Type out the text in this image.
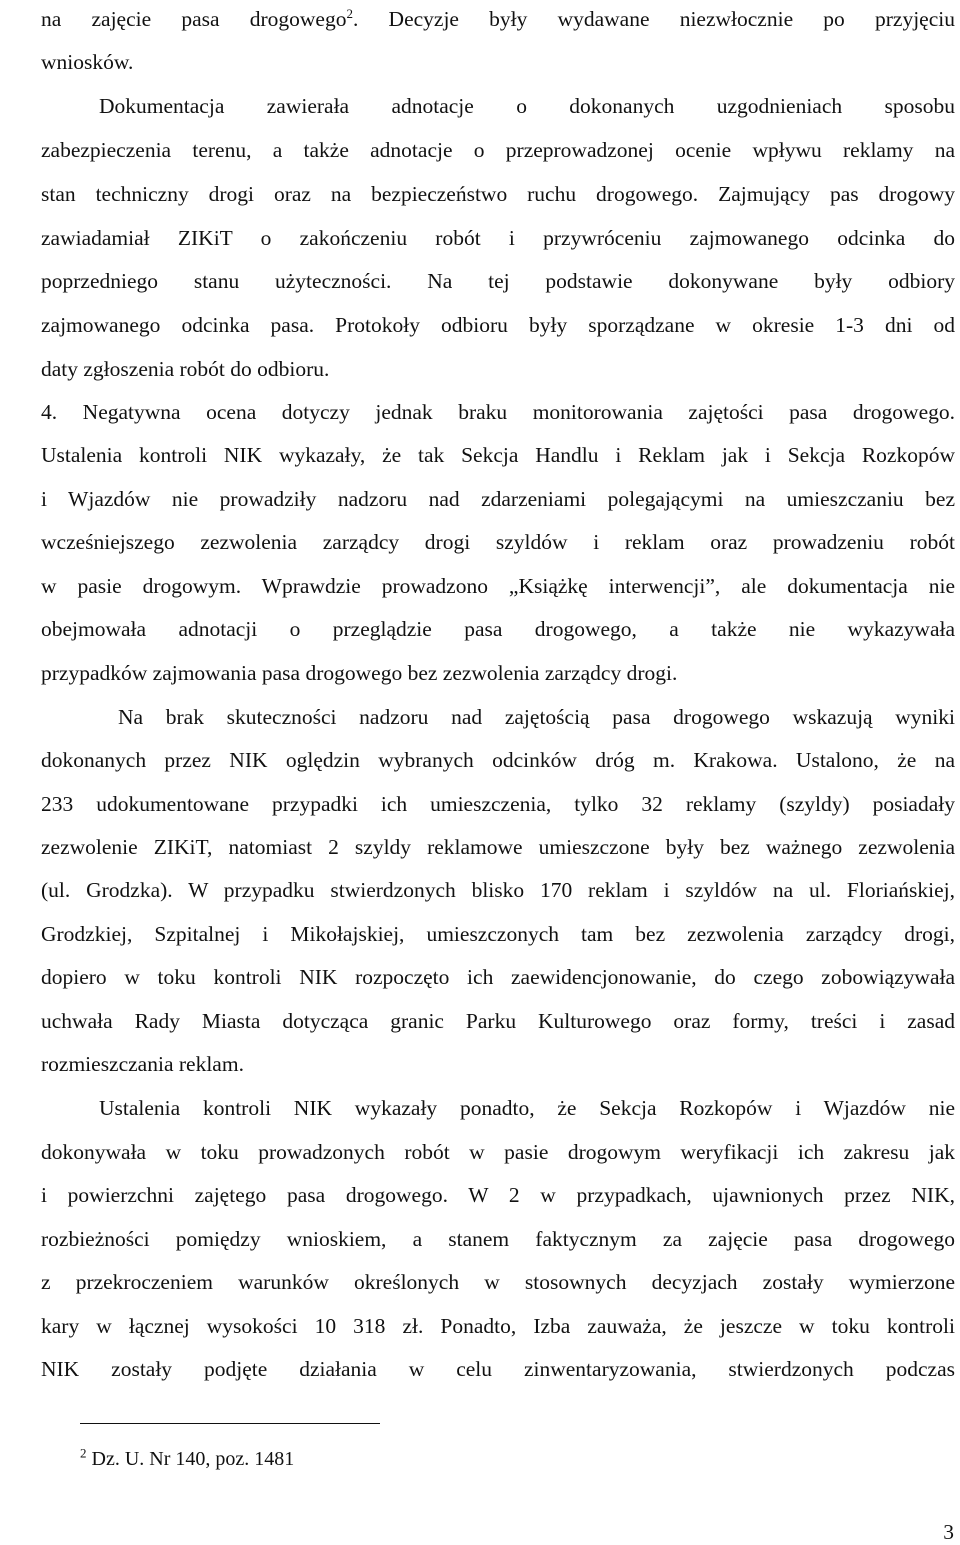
na zajęcie pasa drogowego$^2$. Decyzje były wydawane niezwłocznie po przyjęciu
wniosków.
Dokumentacja zawierała adnotacje o dokonanych uzgodnieniach sposobu
zabezpieczenia terenu, a także adnotacje o przeprowadzonej ocenie wpływu reklamy na
stan techniczny drogi oraz na bezpieczeństwo ruchu drogowego. Zajmujący pas drogowy
zawiadamiał ZIKiT o zakończeniu robót i przywróceniu zajmowanego odcinka do
poprzedniego stanu użyteczności. Na tej podstawie dokonywane były odbiory
zajmowanego odcinka pasa. Protokoły odbioru były sporządzane w okresie 1-3 dni od
daty zgłoszenia robót do odbioru.
4. Negatywna ocena dotyczy jednak braku monitorowania zajętości pasa drogowego.
Ustalenia kontroli NIK wykazały, że tak Sekcja Handlu i Reklam jak i Sekcja Rozkopów
i Wjazdów nie prowadziły nadzoru nad zdarzeniami polegającymi na umieszczaniu bez
wcześniejszego zezwolenia zarządcy drogi szyldów i reklam oraz prowadzeniu robót
w pasie drogowym. Wprawdzie prowadzono „Książkę interwencji”, ale dokumentacja nie
obejmowała adnotacji o przeglądzie pasa drogowego, a także nie wykazywała
przypadków zajmowania pasa drogowego bez zezwolenia zarządcy drogi.
Na brak skuteczności nadzoru nad zajętością pasa drogowego wskazują wyniki
dokonanych przez NIK oględzin wybranych odcinków dróg m. Krakowa. Ustalono, że na
233 udokumentowane przypadki ich umieszczenia, tylko 32 reklamy (szyldy) posiadały
zezwolenie ZIKiT, natomiast 2 szyldy reklamowe umieszczone były bez ważnego zezwolenia
(ul. Grodzka). W przypadku stwierdzonych blisko 170 reklam i szyldów na ul. Floriańskiej,
Grodzkiej, Szpitalnej i Mikołajskiej, umieszczonych tam bez zezwolenia zarządcy drogi,
dopiero w toku kontroli NIK rozpoczęto ich zaewidencjonowanie, do czego zobowiązywała
uchwała Rady Miasta dotycząca granic Parku Kulturowego oraz formy, treści i zasad
rozmieszczania reklam.
Ustalenia kontroli NIK wykazały ponadto, że Sekcja Rozkopów i Wjazdów nie
dokonywała w toku prowadzonych robót w pasie drogowym weryfikacji ich zakresu jak
i powierzchni zajętego pasa drogowego. W 2 w przypadkach, ujawnionych przez NIK,
rozbieżności pomiędzy wnioskiem, a stanem faktycznym za zajęcie pasa drogowego
z przekroczeniem warunków określonych w stosownych decyzjach zostały wymierzone
kary w łącznej wysokości 10 318 zł. Ponadto, Izba zauważa, że jeszcze w toku kontroli
NIK zostały podjęte działania w celu zinwentaryzowania, stwierdzonych podczas
$^2$ Dz. U. Nr 140, poz. 1481
3
